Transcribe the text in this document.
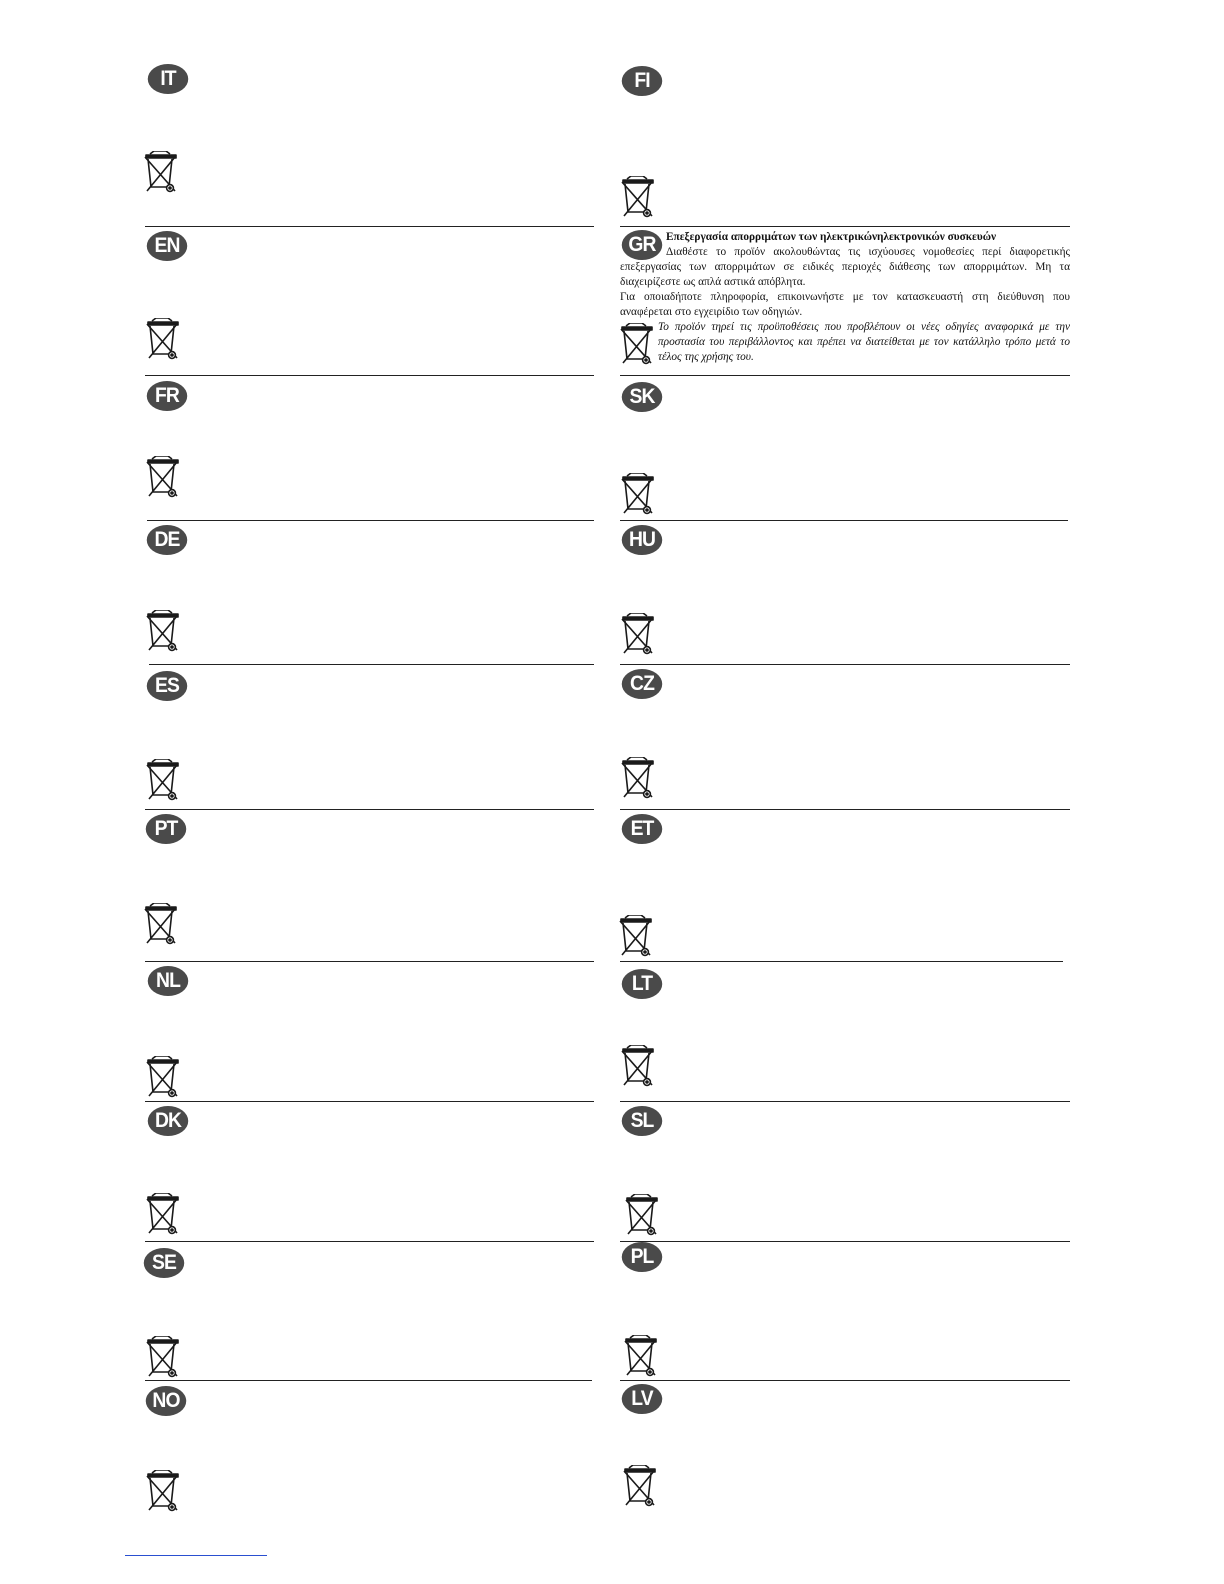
IT
EN
FR
DE
ES
PT
NL
DK
SE
NO
FI
GR Επεξεργασία απορριμάτων των ηλεκτρικώνηλεκτρονικών συσκευών

Διαθέστε το προϊόν ακολουθώντας τις ισχύουσες νομοθεσίες περί διαφορετικής επεξεργασίας των απορριμάτων σε ειδικές περιοχές διάθεσης των απορριμάτων. Μη τα διαχειρίζεστε ως απλά αστικά απόβλητα.

Για οποιαδήποτε πληροφορία, επικοινωνήστε με τον κατασκευαστή στη διεύθυνση που αναφέρεται στο εγχειρίδιο των οδηγιών.

Το προϊόν τηρεί τις προϋποθέσεις που προβλέπουν οι νέες οδηγίες αναφορικά με την προστασία του περιβάλλοντος και πρέπει να διατείθεται με τον κατάλληλο τρόπο μετά το τέλος της χρήσης του.

SK
HU
CZ
ET
LT
SL
PL
LV
